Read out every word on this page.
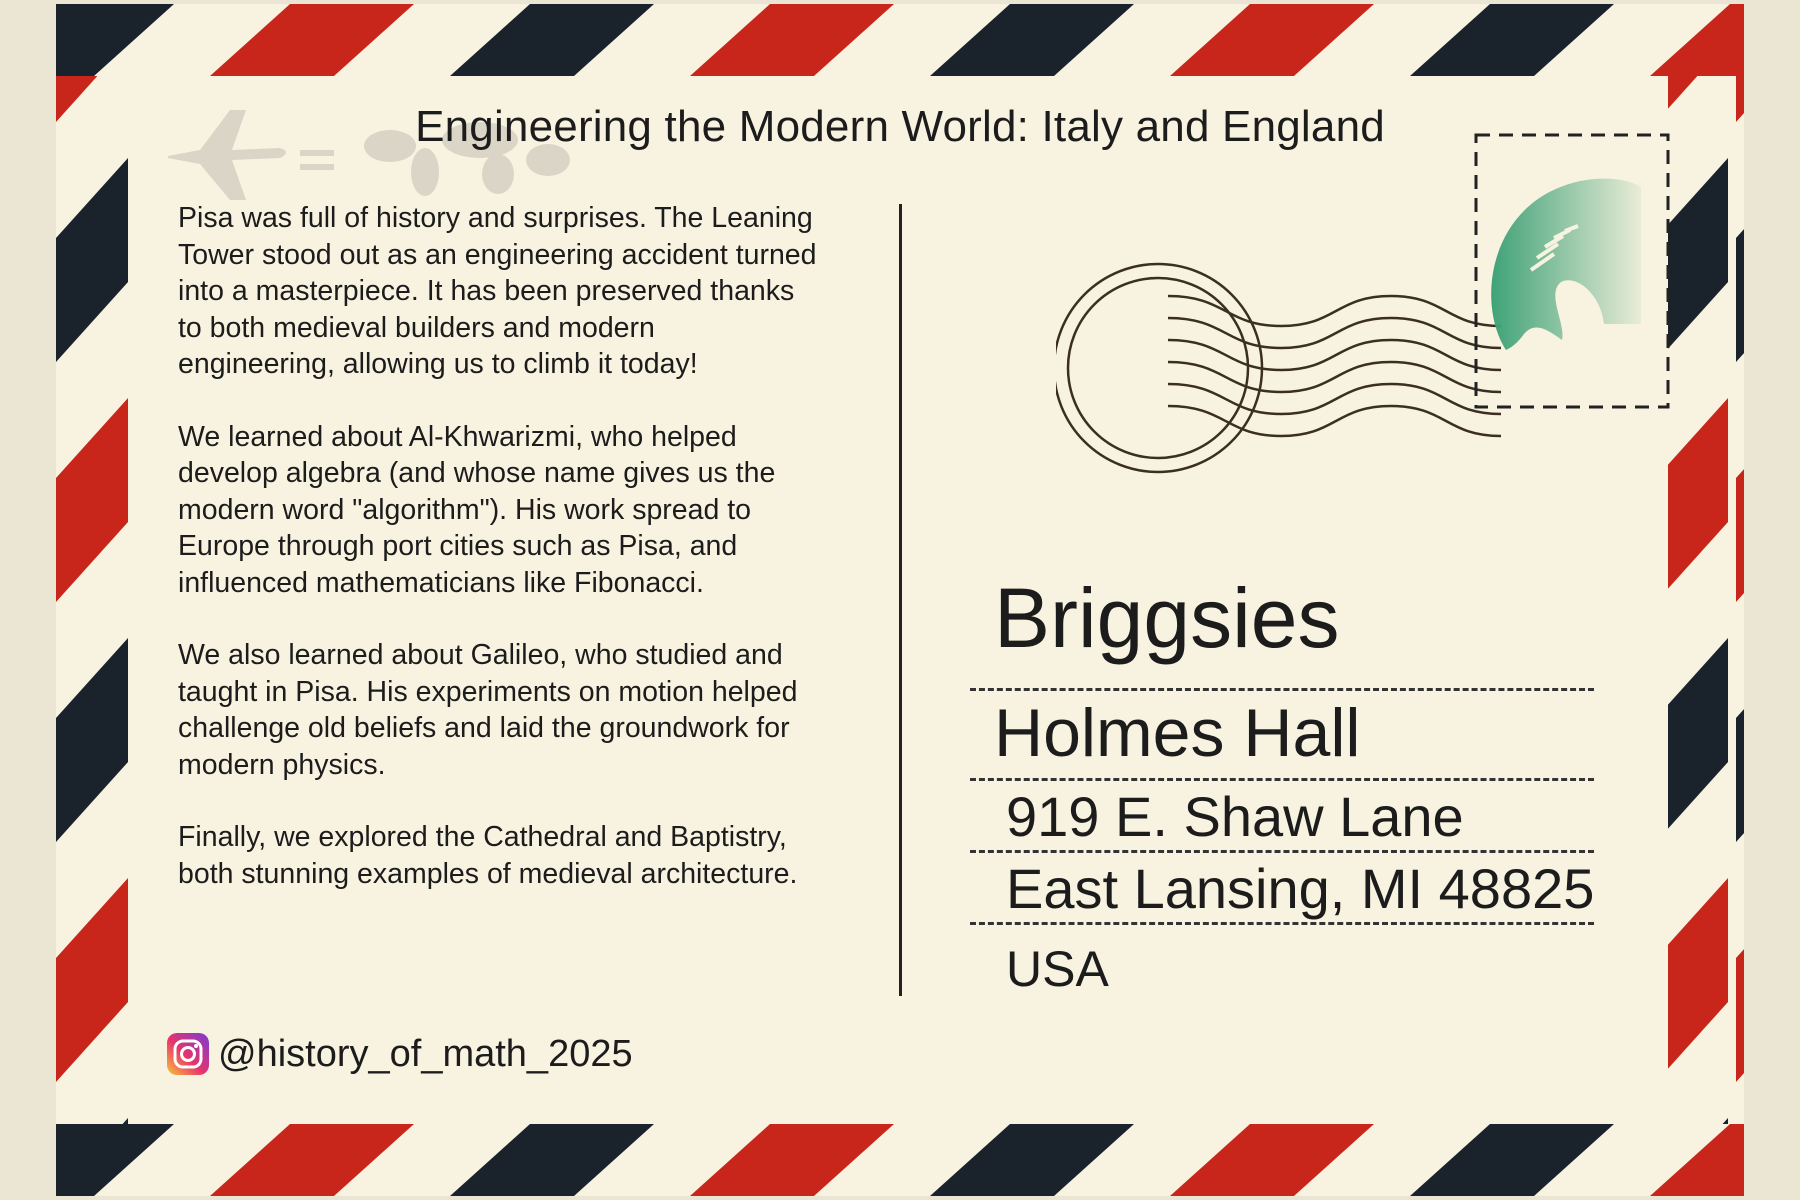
Engineering the Modern World: Italy and England

Pisa was full of history and surprises. The Leaning Tower stood out as an engineering accident turned into a masterpiece. It has been preserved thanks to both medieval builders and modern engineering, allowing us to climb it today!

We learned about Al-Khwarizmi, who helped develop algebra (and whose name gives us the modern word "algorithm"). His work spread to Europe through port cities such as Pisa, and influenced mathematicians like Fibonacci.

We also learned about Galileo, who studied and taught in Pisa. His experiments on motion helped challenge old beliefs and laid the groundwork for modern physics.

Finally, we explored the Cathedral and Baptistry, both stunning examples of medieval architecture.

@history_of_math_2025
Briggsies
Holmes Hall
919 E. Shaw Lane
East Lansing, MI 48825
USA
